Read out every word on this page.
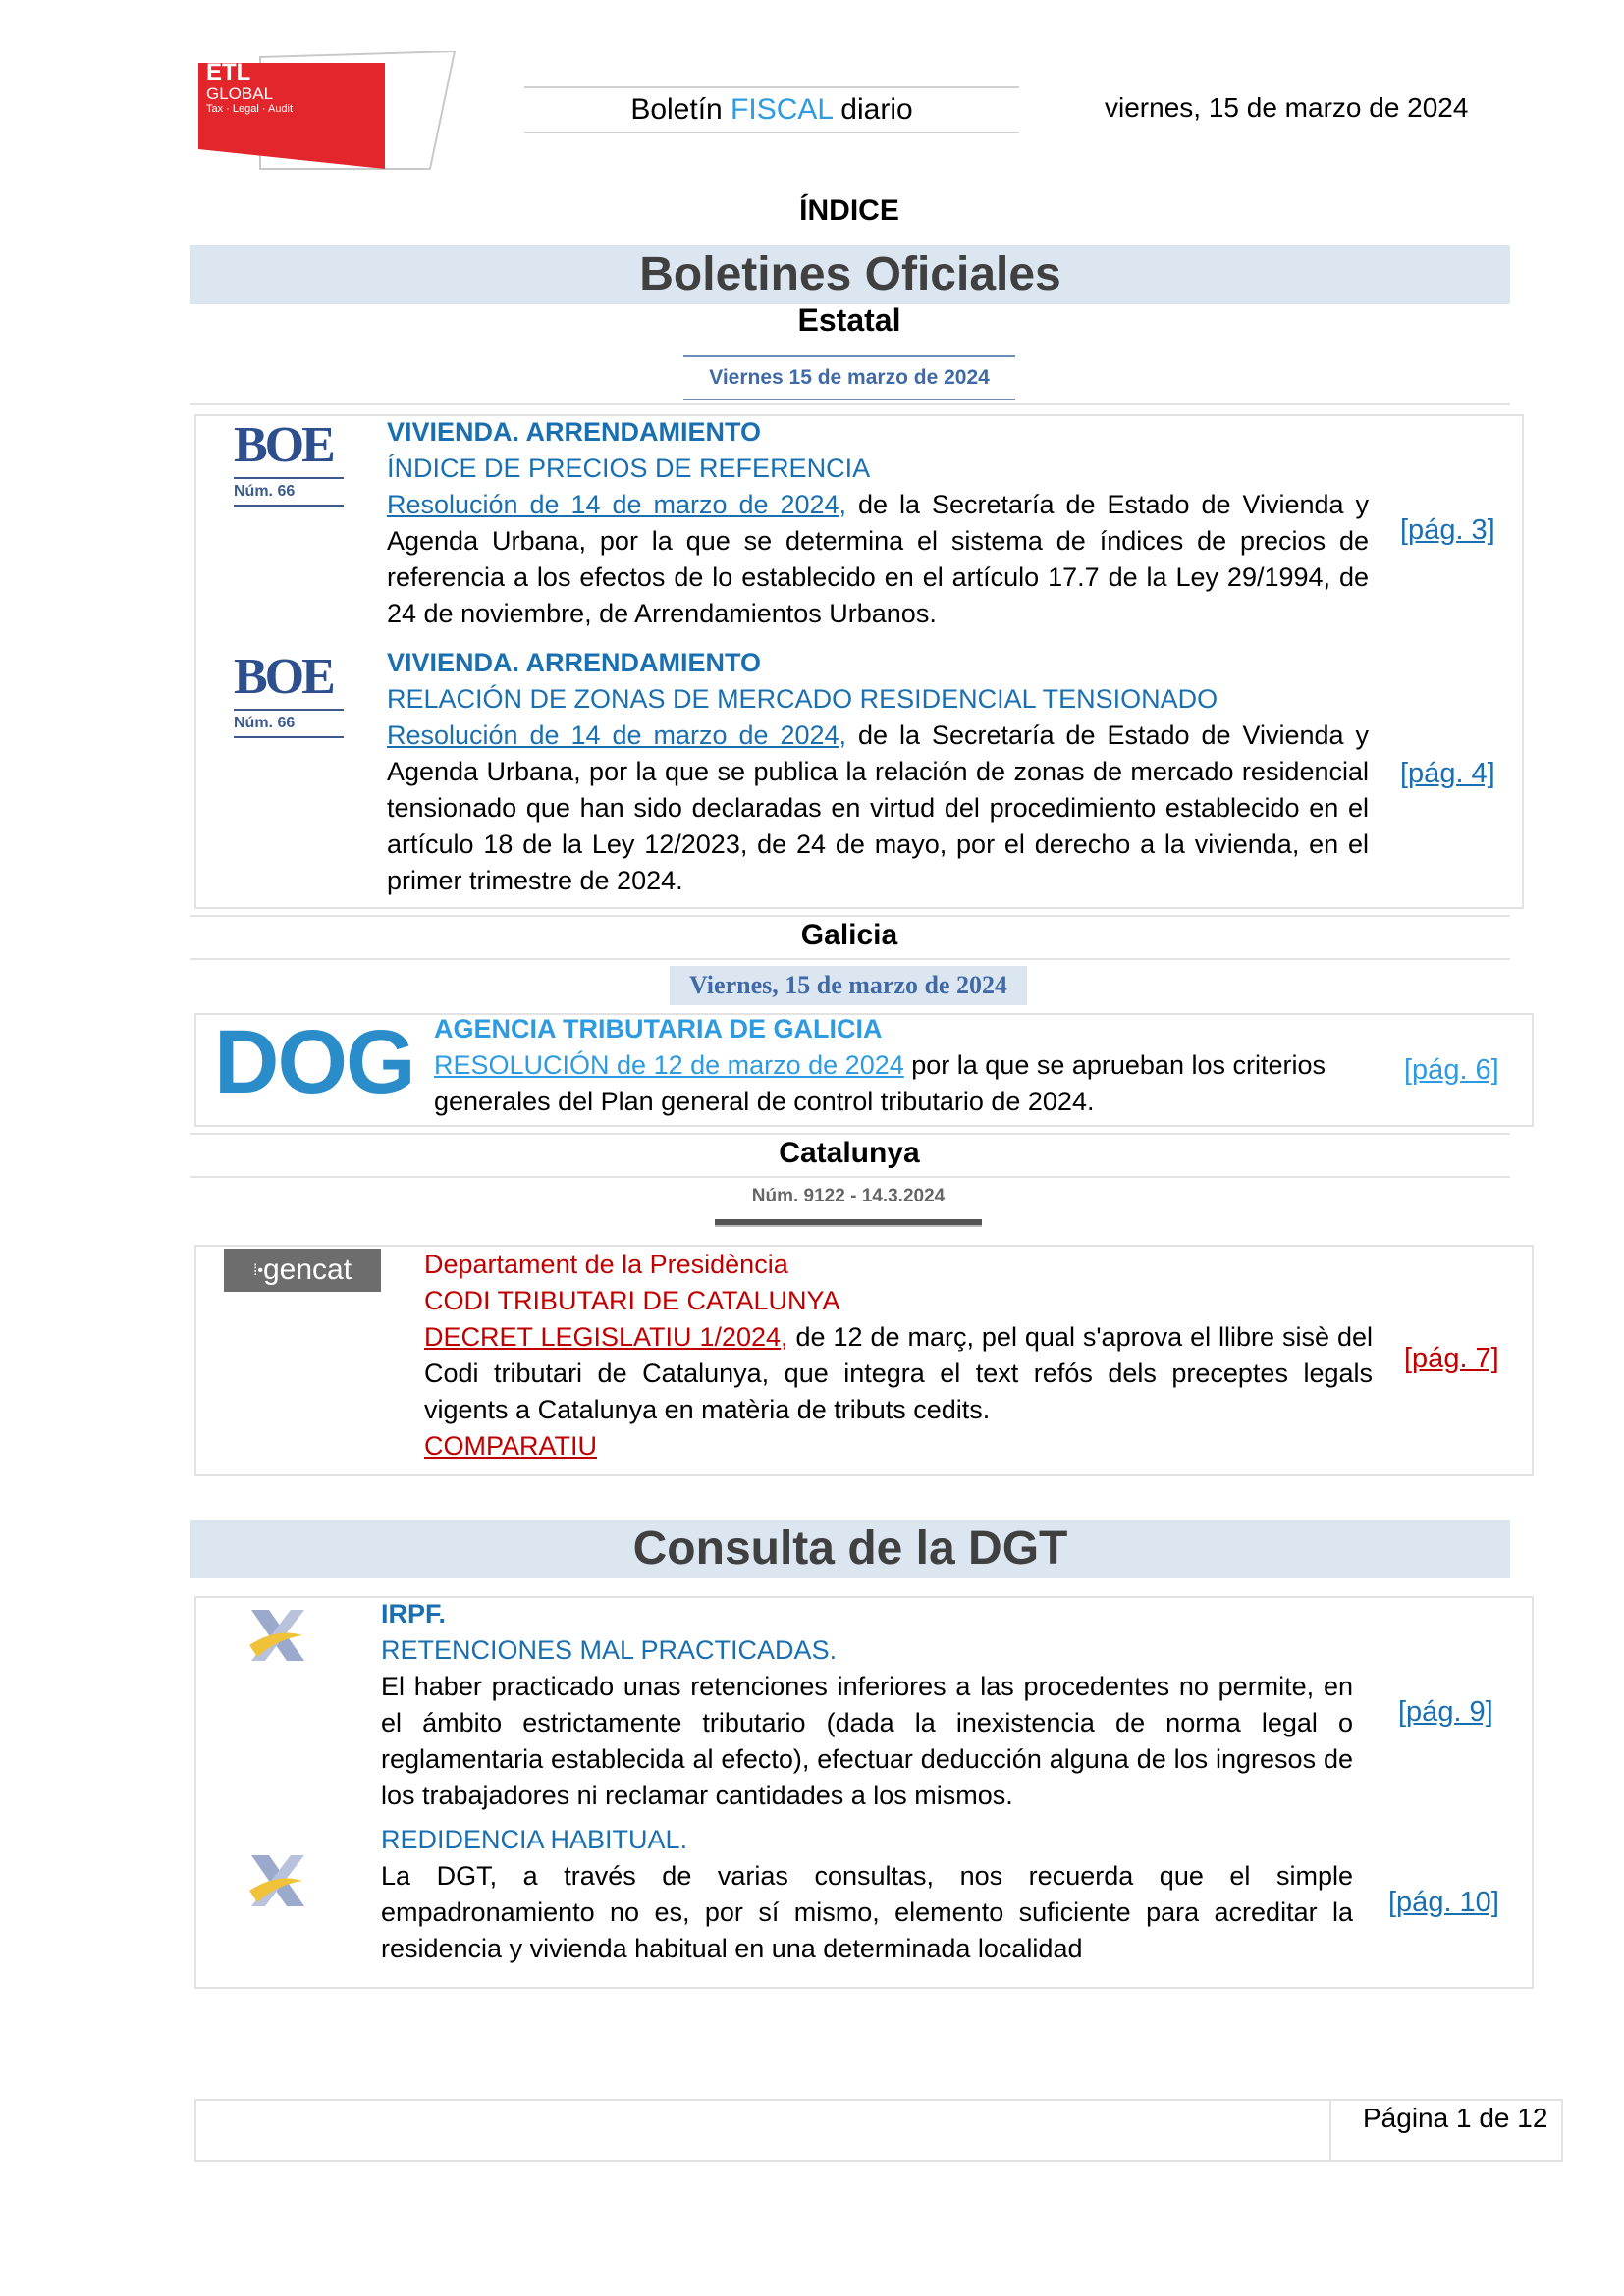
ETL
GLOBAL
Tax · Legal · Audit	Boletín FISCAL diario	viernes, 15 de marzo de 2024
ÍNDICE
Boletines Oficiales
Estatal
Viernes 15 de marzo de 2024
BOE
Núm. 66
VIVIENDA. ARRENDAMIENTO
ÍNDICE DE PRECIOS DE REFERENCIA
Resolución de 14 de marzo de 2024, de la Secretaría de Estado de Vivienda y Agenda Urbana, por la que se determina el sistema de índices de precios de referencia a los efectos de lo establecido en el artículo 17.7 de la Ley 29/1994, de 24 de noviembre, de Arrendamientos Urbanos.
[pág. 3]
BOE
Núm. 66
VIVIENDA. ARRENDAMIENTO
RELACIÓN DE ZONAS DE MERCADO RESIDENCIAL TENSIONADO
Resolución de 14 de marzo de 2024, de la Secretaría de Estado de Vivienda y Agenda Urbana, por la que se publica la relación de zonas de mercado residencial tensionado que han sido declaradas en virtud del procedimiento establecido en el artículo 18 de la Ley 12/2023, de 24 de mayo, por el derecho a la vivienda, en el primer trimestre de 2024.
[pág. 4]
Galicia
Viernes, 15 de marzo de 2024
DOG AGENCIA TRIBUTARIA DE GALICIA
RESOLUCIÓN de 12 de marzo de 2024 por la que se aprueban los criterios generales del Plan general de control tributario de 2024.
[pág. 6]
Catalunya
Núm. 9122 - 14.3.2024
⁞•gencat	Departament de la Presidència
CODI TRIBUTARI DE CATALUNYA
DECRET LEGISLATIU 1/2024, de 12 de març, pel qual s'aprova el llibre sisè del Codi tributari de Catalunya, que integra el text refós dels preceptes legals vigents a Catalunya en matèria de tributs cedits.
COMPARATIU
[pág. 7]
Consulta de la DGT
IRPF.
RETENCIONES MAL PRACTICADAS.
El haber practicado unas retenciones inferiores a las procedentes no permite, en el ámbito estrictamente tributario (dada la inexistencia de norma legal o reglamentaria establecida al efecto), efectuar deducción alguna de los ingresos de los trabajadores ni reclamar cantidades a los mismos.
[pág. 9]
REDIDENCIA HABITUAL.
La DGT, a través de varias consultas, nos recuerda que el simple empadronamiento no es, por sí mismo, elemento suficiente para acreditar la residencia y vivienda habitual en una determinada localidad
[pág. 10]
Página 1 de 12
